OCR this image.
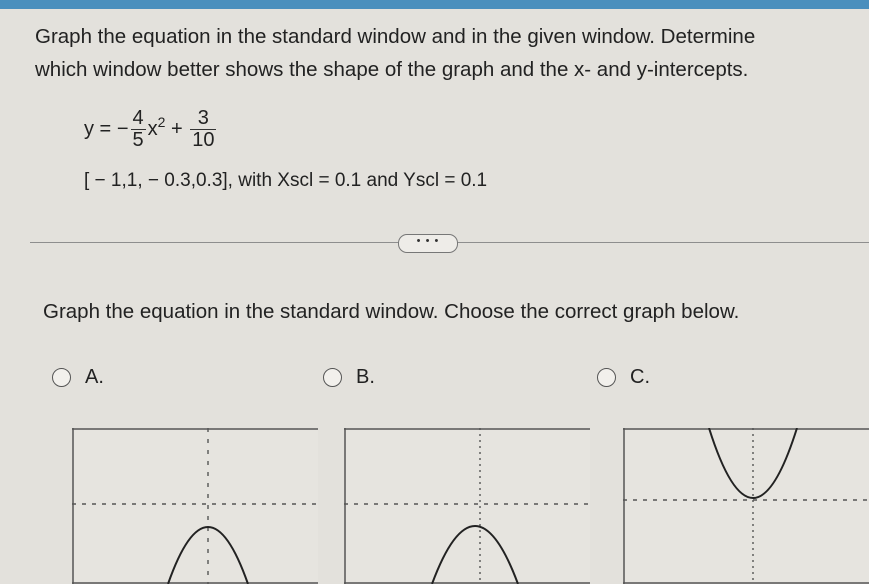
Graph the equation in the standard window and in the given window. Determine
which window better shows the shape of the graph and the x- and y-intercepts.
y = − $\frac{4}{5} x^2 + \frac{3}{10}$
[ − 1,1, − 0.3,0.3], with Xscl = 0.1 and Yscl = 0.1
• • •
Graph the equation in the standard window. Choose the correct graph below.
A.	B.	C.
